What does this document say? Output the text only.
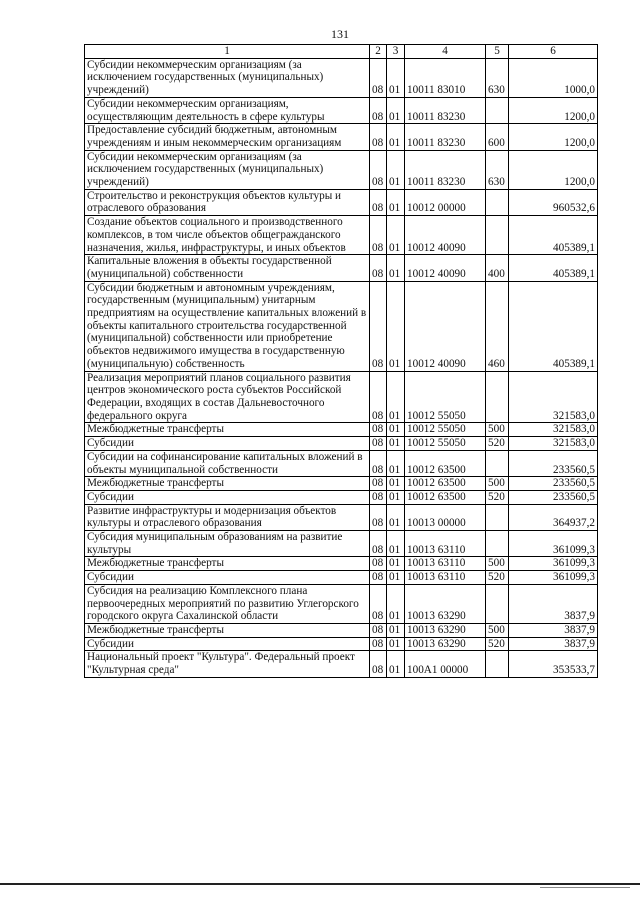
131
1	2	3	4	5	6
Субсидии некоммерческим организациям (за исключением государственных (муниципальных) учреждений)	08	01	10011 83010	630	1000,0
Субсидии некоммерческим организациям, осуществляющим деятельность в сфере культуры	08	01	10011 83230		1200,0
Предоставление субсидий бюджетным, автономным учреждениям и иным некоммерческим организациям	08	01	10011 83230	600	1200,0
Субсидии некоммерческим организациям (за исключением государственных (муниципальных) учреждений)	08	01	10011 83230	630	1200,0
Строительство и реконструкция объектов культуры и отраслевого образования	08	01	10012 00000		960532,6
Создание объектов социального и производственного комплексов, в том числе объектов общегражданского назначения, жилья, инфраструктуры, и иных объектов	08	01	10012 40090		405389,1
Капитальные вложения в объекты государственной (муниципальной) собственности	08	01	10012 40090	400	405389,1
Субсидии бюджетным и автономным учреждениям, государственным (муниципальным) унитарным предприятиям на осуществление капитальных вложений в объекты капитального строительства государственной (муниципальной) собственности или приобретение объектов недвижимого имущества в государственную (муниципальную) собственность	08	01	10012 40090	460	405389,1
Реализация мероприятий планов социального развития центров экономического роста субъектов Российской Федерации, входящих в состав Дальневосточного федерального округа	08	01	10012 55050		321583,0
Межбюджетные трансферты	08	01	10012 55050	500	321583,0
Субсидии	08	01	10012 55050	520	321583,0
Субсидии на софинансирование капитальных вложений в объекты муниципальной собственности	08	01	10012 63500		233560,5
Межбюджетные трансферты	08	01	10012 63500	500	233560,5
Субсидии	08	01	10012 63500	520	233560,5
Развитие инфраструктуры и модернизация объектов культуры и отраслевого образования	08	01	10013 00000		364937,2
Субсидия муниципальным образованиям на развитие культуры	08	01	10013 63110		361099,3
Межбюджетные трансферты	08	01	10013 63110	500	361099,3
Субсидии	08	01	10013 63110	520	361099,3
Субсидия на реализацию Комплексного плана первоочередных мероприятий по развитию Углегорского городского округа Сахалинской области	08	01	10013 63290		3837,9
Межбюджетные трансферты	08	01	10013 63290	500	3837,9
Субсидии	08	01	10013 63290	520	3837,9
Национальный проект "Культура". Федеральный проект "Культурная среда"	08	01	100А1 00000		353533,7
